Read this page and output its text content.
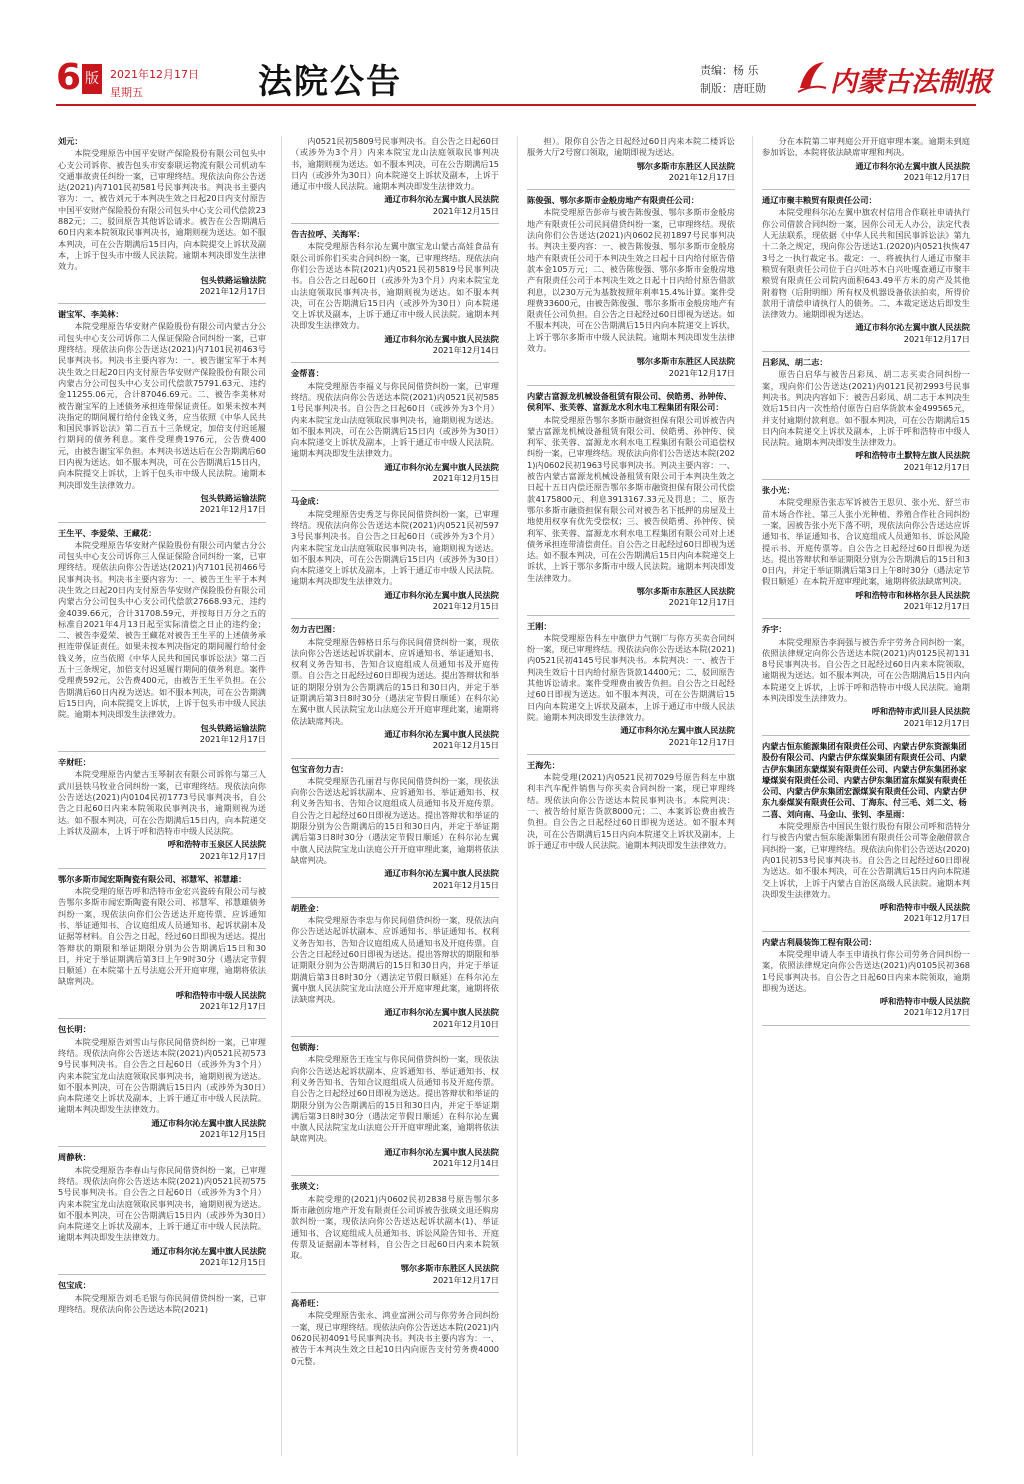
6 版 2021年12月17日
星期五	法院公告	责编：杨 乐
制版：唐旺勋 内蒙古法制报
刘元：
本院受理原告中国平安财产保险股份有限公司包头中心支公司诉你、被告包头市安泰联运物流有限公司机动车交通事故责任纠纷一案，已审理终结。现依法向你公告送达(2021)内7101民初581号民事判决书。判决书主要内容为：一、被告刘元于本判决生效之日起20日内支付原告中国平安财产保险股份有限公司包头中心支公司代偿款23882元；二、驳回原告其他诉讼请求。被告在公告期满后60日内来本院领取民事判决书，逾期则视为送达。如不服本判决，可在公告期满后15日内，向本院提交上诉状及副本，上诉于包头市中级人民法院。逾期本判决即发生法律效力。
包头铁路运输法院
2021年12月17日
谢宝军、李美林：
本院受理原告华安财产保险股份有限公司内蒙古分公司包头中心支公司诉你二人保证保险合同纠纷一案，已审理终结。现依法向你公告送达(2021)内7101民初463号民事判决书。判决书主要内容为：一、被告谢宝军于本判决生效之日起20日内支付原告华安财产保险股份有限公司内蒙古分公司包头中心支公司代偿款75791.63元、违约金11255.06元，合计87046.69元。二、被告李美林对被告谢宝军的上述债务承担连带保证责任。如果未按本判决指定的期间履行给付金钱义务，应当依照《中华人民共和国民事诉讼法》第二百五十三条规定，加倍支付迟延履行期间的债务利息。案件受理费1976元，公告费400元，由被告谢宝军负担。本判决书送达后在公告期满后60日内视为送达。如不服本判决，可在公告期满后15日内，向本院提交上诉状，上诉于包头市中级人民法院。逾期本判决即发生法律效力。
包头铁路运输法院
2021年12月17日
王生平、李爱荣、王藏花：
本院受理原告华安财产保险股份有限公司内蒙古分公司包头中心支公司诉你三人保证保险合同纠纷一案，已审理终结。现依法向你公告送达(2021)内7101民初466号民事判决书。判决书主要内容为：一、被告王生平于本判决生效之日起20日内支付原告华安财产保险股份有限公司内蒙古分公司包头中心支公司代偿款27668.93元、违约金4039.66元，合计31708.59元，并按每日万分之五的标准自2021年4月13日起至实际清偿之日止的违约金；二、被告李爱荣、被告王藏花对被告王生平的上述债务承担连带保证责任。如果未按本判决指定的期间履行给付金钱义务，应当依照《中华人民共和国民事诉讼法》第二百五十三条规定，加倍支付迟延履行期间的债务利息。案件受理费592元，公告费400元，由被告王生平负担。在公告期满后60日内视为送达。如不服本判决，可在公告期满后15日内，向本院提交上诉状，上诉于包头市中级人民法院。逾期本判决即发生法律效力。
包头铁路运输法院
2021年12月17日
辛财旺：
本院受理原告内蒙古玉琴制衣有限公司诉你与第三人武川县铁马牧业合同纠纷一案，已审理终结。现依法向你公告送达(2021)内0104民初1773号民事判决书，自公告之日起60日内来本院领取民事判决书，逾期则视为送达。如不服本判决，可在公告期满后15日内，向本院递交上诉状及副本，上诉于呼和浩特市中级人民法院。
呼和浩特市玉泉区人民法院
2021年12月17日
鄂尔多斯市闻宏斯陶瓷有限公司、祁慧军、祁慧雄：
本院受理的原告呼和浩特市金宏兴瓷砖有限公司与被告鄂尔多斯市闻宏斯陶瓷有限公司、祁慧军、祁慧雄债务纠纷一案，现依法向你们公告送达开庭传票、应诉通知书、举证通知书、合议庭组成人员通知书、起诉状副本及证据等材料。自公告之日起，经过60日即视为送达。提出答辩状的期限和举证期限分别为公告期满后15日和30日，并定于举证期满后第3日上午9时30分（遇法定节假日顺延）在本院第十五号法庭公开开庭审理，逾期将依法缺席判决。
呼和浩特市中级人民法院
2021年12月17日
包长明：
本院受理原告刘雪山与你民间借贷纠纷一案，已审理终结。现依法向你公告送达本院(2021)内0521民初5739号民事判决书。自公告之日起60日（或涉外为3个月）内来本院宝龙山法庭领取民事判决书，逾期则视为送达。如不服本判决，可在公告期满后15日内（或涉外为30日）向本院递交上诉状及副本，上诉于通辽市中级人民法院。逾期本判决即发生法律效力。
通辽市科尔沁左翼中旗人民法院
2021年12月15日
周静秋：
本院受理原告李春山与你民间借贷纠纷一案，已审理终结。现依法向你公告送达本院(2021)内0521民初5755号民事判决书。自公告之日起60日（或涉外为3个月）内来本院宝龙山法庭领取民事判决书，逾期则视为送达。如不服本判决，可在公告期满后15日内（或涉外为30日）向本院递交上诉状及副本，上诉于通辽市中级人民法院。逾期本判决即发生法律效力。
通辽市科尔沁左翼中旗人民法院
2021年12月15日
包宝成：
本院受理原告刘毛毛银与你民间借贷纠纷一案，已审理终结。现依法向你公告送达本院(2021)
内0521民初5809号民事判决书。自公告之日起60日（或涉外为3个月）内来本院宝龙山法庭领取民事判决书，逾期则视为送达。如不服本判决，可在公告期满后15日内（或涉外为30日）向本院递交上诉状及副本，上诉于通辽市中级人民法院。逾期本判决即发生法律效力。
通辽市科尔沁左翼中旗人民法院
2021年12月15日
告吉拉呼、关海军：
本院受理原告科尔沁左翼中旗宝龙山蒙古高娃食品有限公司诉你们买卖合同纠纷一案，已审理终结。现依法向你们公告送达本院(2021)内0521民初5819号民事判决书。自公告之日起60日（或涉外为3个月）内来本院宝龙山法庭领取民事判决书，逾期则视为送达。如不服本判决，可在公告期满后15日内（或涉外为30日）向本院递交上诉状及副本，上诉于通辽市中级人民法院。逾期本判决即发生法律效力。
通辽市科尔沁左翼中旗人民法院
2021年12月14日
金帮喜：
本院受理原告李福义与你民间借贷纠纷一案，已审理终结。现依法向你公告送达本院(2021)内0521民初5851号民事判决书。自公告之日起60日（或涉外为3个月）内来本院宝龙山法庭领取民事判决书，逾期则视为送达。如不服本判决，可在公告期满后15日内（或涉外为30日）向本院递交上诉状及副本，上诉于通辽市中级人民法院。逾期本判决即发生法律效力。
通辽市科尔沁左翼中旗人民法院
2021年12月15日
马金成：
本院受理原告史秀芝与你民间借贷纠纷一案，已审理终结。现依法向你公告送达本院(2021)内0521民初5973号民事判决书。自公告之日起60日（或涉外为3个月）内来本院宝龙山法庭领取民事判决书，逾期则视为送达。如不服本判决，可在公告期满后15日内（或涉外为30日）向本院递交上诉状及副本，上诉于通辽市中级人民法院。逾期本判决即发生法律效力。
通辽市科尔沁左翼中旗人民法院
2021年12月15日
勿力吉巴图：
本院受理原告韩格日乐与你民间借贷纠纷一案，现依法向你公告送达起诉状副本、应诉通知书、举证通知书、权利义务告知书、告知合议庭组成人员通知书及开庭传票。自公告之日起经过60日即视为送达。提出答辩状和举证的期限分别为公告期满后的15日和30日内，并定于举证期满后第3日8时30分（遇法定节假日顺延）在科尔沁左翼中旗人民法院宝龙山法庭公开开庭审理此案，逾期将依法缺席判决。
通辽市科尔沁左翼中旗人民法院
2021年12月15日
包宝音勿力吉：
本院受理原告孔丽君与你民间借贷纠纷一案，现依法向你公告送达起诉状副本、应诉通知书、举证通知书、权利义务告知书、告知合议庭组成人员通知书及开庭传票。自公告之日起经过60日即视为送达。提出答辩状和举证的期限分别为公告期满后的15日和30日内，并定于举证期满后第3日8时30分（遇法定节假日顺延）在科尔沁左翼中旗人民法院宝龙山法庭公开开庭审理此案，逾期将依法缺席判决。
通辽市科尔沁左翼中旗人民法院
2021年12月15日
胡胜金：
本院受理原告李忠与你民间借贷纠纷一案，现依法向你公告送达起诉状副本、应诉通知书、举证通知书、权利义务告知书、告知合议庭组成人员通知书及开庭传票。自公告之日起经过60日即视为送达。提出答辩状的期限和举证期限分别为公告期满后的15日和30日内，并定于举证期满后第3日8时30分（遇法定节假日顺延）在科尔沁左翼中旗人民法院宝龙山法庭公开开庭审理此案，逾期将依法缺席判决。
通辽市科尔沁左翼中旗人民法院
2021年12月10日
包锁海：
本院受理原告王连宝与你民间借贷纠纷一案，现依法向你公告送达起诉状副本、应诉通知书、举证通知书、权利义务告知书、告知合议庭组成人员通知书及开庭传票。自公告之日起经过60日即视为送达。提出答辩状和举证的期限分别为公告期满后的15日和30日内，并定于举证期满后第3日8时30分（遇法定节假日顺延）在科尔沁左翼中旗人民法院宝龙山法庭公开开庭审理此案，逾期将依法缺席判决。
通辽市科尔沁左翼中旗人民法院
2021年12月14日
张瑛文：
本院受理的(2021)内0602民初2838号原告鄂尔多斯市融创房地产开发有限责任公司诉被告张瑛文退还购房款纠纷一案，现依法向你公告送达起诉状副本(1)、举证通知书、合议庭组成人员通知书、诉讼风险告知书、开庭传票及证据副本等材料，自公告之日起60日内来本院领取。
鄂尔多斯市东胜区人民法院
2021年12月17日
高希旺：
本院受理原告张永、鸿业富洲公司与你劳务合同纠纷一案，现已审理终结。现依法向你公告送达本院(2021)内0620民初4091号民事判决书。判决书主要内容为：一、被告于本判决生效之日起10日内向原告支付劳务费40000元整。
担）。限你自公告之日起经过60日内来本院二楼诉讼服务大厅2号窗口领取，逾期即视为送达。
鄂尔多斯市东胜区人民法院
2021年12月17日
陈俊强、鄂尔多斯市金般房地产有限责任公司：
本院受理原告彭帝与被告陈俊强、鄂尔多斯市金般房地产有限责任公司民间借贷纠纷一案，已审理终结。现依法向你们公告送达(2021)内0602民初1897号民事判决书。判决主要内容：一、被告陈俊强、鄂尔多斯市金般房地产有限责任公司于本判决生效之日起十日内给付原告借款本金105万元；二、被告陈俊强、鄂尔多斯市金般房地产有限责任公司于本判决生效之日起十日内给付原告借款利息，以230万元为基数按照年利率15.4%计算。案件受理费33600元，由被告陈俊强、鄂尔多斯市金般房地产有限责任公司负担。自公告之日起经过60日即视为送达。如不服本判决，可在公告期满后15日内向本院递交上诉状，上诉于鄂尔多斯市中级人民法院。逾期本判决即发生法律效力。
鄂尔多斯市东胜区人民法院
2021年12月17日
内蒙古富源龙机械设备租赁有限公司、侯皓勇、孙钟传、侯利军、张芙蓉、富源龙水利水电工程集团有限公司：
本院受理原告鄂尔多斯市融资担保有限公司诉被告内蒙古富源龙机械设备租赁有限公司、侯皓勇、孙钟传、侯利军、张芙蓉、富源龙水利水电工程集团有限公司追偿权纠纷一案，已审理终结。现依法向你们公告送达本院(2021)内0602民初1963号民事判决书。判决主要内容：一、被告内蒙古富源龙机械设备租赁有限公司于本判决生效之日起十五日内偿还原告鄂尔多斯市融资担保有限公司代偿款4175800元、利息3913167.33元及罚息；二、原告鄂尔多斯市融资担保有限公司对被告名下抵押的房屋及土地使用权享有优先受偿权；三、被告侯皓勇、孙钟传、侯利军、张芙蓉、富源龙水利水电工程集团有限公司对上述债务承担连带清偿责任。自公告之日起经过60日即视为送达。如不服本判决，可在公告期满后15日内向本院递交上诉状，上诉于鄂尔多斯市中级人民法院。逾期本判决即发生法律效力。
鄂尔多斯市东胜区人民法院
2021年12月17日
王刚：
本院受理原告科左中旗伊力气钢厂与你方买卖合同纠纷一案，现已审理终结。现依法向你公告送达本院(2021)内0521民初4145号民事判决书。本院判决：一、被告于判决生效后十日内给付原告货款14400元；二、驳回原告其他诉讼请求。案件受理费由被告负担。自公告之日起经过60日即视为送达。如不服本判决，可在公告期满后15日内向本院递交上诉状及副本，上诉于通辽市中级人民法院。逾期本判决即发生法律效力。
通辽市科尔沁左翼中旗人民法院
2021年12月17日
王海先：
本院受理(2021)内0521民初7029号原告科左中旗利丰汽车配件销售与你买卖合同纠纷一案，现已审理终结。现依法向你公告送达本院民事判决书。本院判决：一、被告给付原告货款8000元；二、本案诉讼费由被告负担。自公告之日起经过60日即视为送达。如不服本判决，可在公告期满后15日内向本院递交上诉状及副本，上诉于通辽市中级人民法院。逾期本判决即发生法律效力。
分在本院第二审判庭公开开庭审理本案。逾期未到庭参加诉讼，本院将依法缺席审理和判决。
通辽市科尔沁左翼中旗人民法院
2021年12月17日
通辽市聚丰粮贸有限责任公司：
本院受理科尔沁左翼中旗农村信用合作联社申请执行你公司借款合同纠纷一案，因你公司无人办公，法定代表人无法联系，现依据《中华人民共和国民事诉讼法》第九十二条之规定，现向你公告送达1.(2020)内0521执恢473号之一执行裁定书。裁定：一、将被执行人通辽市聚丰粮贸有限责任公司位于白兴吐苏木白兴吐嘎查通辽市聚丰粮贸有限责任公司院内面积643.49平方米的房产及其他附着物（后附明细）所有权及机器设备依法拍卖，所得价款用于清偿申请执行人的债务。二、本裁定送达后即发生法律效力。逾期即视为送达。
通辽市科尔沁左翼中旗人民法院
2021年12月17日
吕彩凤、胡二志：
原告白启华与被告吕彩凤、胡二志买卖合同纠纷一案，现向你们公告送达(2021)内0121民初2993号民事判决书。判决内容如下：被告吕彩凤、胡二志于本判决生效后15日内一次性给付原告白启华货款本金499565元，并支付逾期付款利息。如不服本判决，可在公告期满后15日内向本院递交上诉状及副本，上诉于呼和浩特市中级人民法院。逾期本判决即发生法律效力。
呼和浩特市土默特左旗人民法院
2021年12月17日
张小光：
本院受理原告张志军诉被告王思贝、张小光、舒兰市苗木场合作社、第三人张小光种植、养殖合作社合同纠纷一案，因被告张小光下落不明，现依法向你公告送达应诉通知书、举证通知书、合议庭组成人员通知书、诉讼风险提示书、开庭传票等。自公告之日起经过60日即视为送达。提出答辩状和举证期限分别为公告期满后的15日和30日内，并定于举证期满后第3日上午8时30分（遇法定节假日顺延）在本院开庭审理此案，逾期将依法缺席判决。
呼和浩特市和林格尔县人民法院
2021年12月17日
乔宇：
本院受理原告李润强与被告乔宇劳务合同纠纷一案，依照法律规定向你公告送达本院(2021)内0125民初1318号民事判决书。自公告之日起经过60日内来本院领取，逾期视为送达。如不服本判决，可在公告期满后15日内向本院递交上诉状，上诉于呼和浩特市中级人民法院。逾期本判决即发生法律效力。
呼和浩特市武川县人民法院
2021年12月17日
内蒙古恒东能源集团有限责任公司、内蒙古伊东资源集团股份有限公司、内蒙古伊东煤炭集团有限责任公司、内蒙古伊东集团东蒙煤炭有限责任公司、内蒙古伊东集团孙家壕煤炭有限责任公司、内蒙古伊东集团富东煤炭有限责任公司、内蒙古伊东集团宏源煤炭有限责任公司、内蒙古伊东九泰煤炭有限责任公司、丁海东、付三毛、刘二文、杨二喜、刘向南、马金山、张钊、李星雨：
本院受理原告中国民生银行股份有限公司呼和浩特分行与被告内蒙古恒东能源集团有限责任公司等金融借款合同纠纷一案，已审理终结。现依法向你们公告送达(2020)内01民初53号民事判决书。自公告之日起经过60日即视为送达。如不服本判决，可在公告期满后15日内向本院递交上诉状，上诉于内蒙古自治区高级人民法院。逾期本判决即发生法律效力。
呼和浩特市中级人民法院
2021年12月17日
内蒙古利晨装饰工程有限公司：
本院受理申请人李玉申请执行你公司劳务合同纠纷一案，依照法律规定向你公告送达(2021)内0105民初3681号民事判决书。自公告之日起60日内来本院领取，逾期即视为送达。
呼和浩特市中级人民法院
2021年12月17日
